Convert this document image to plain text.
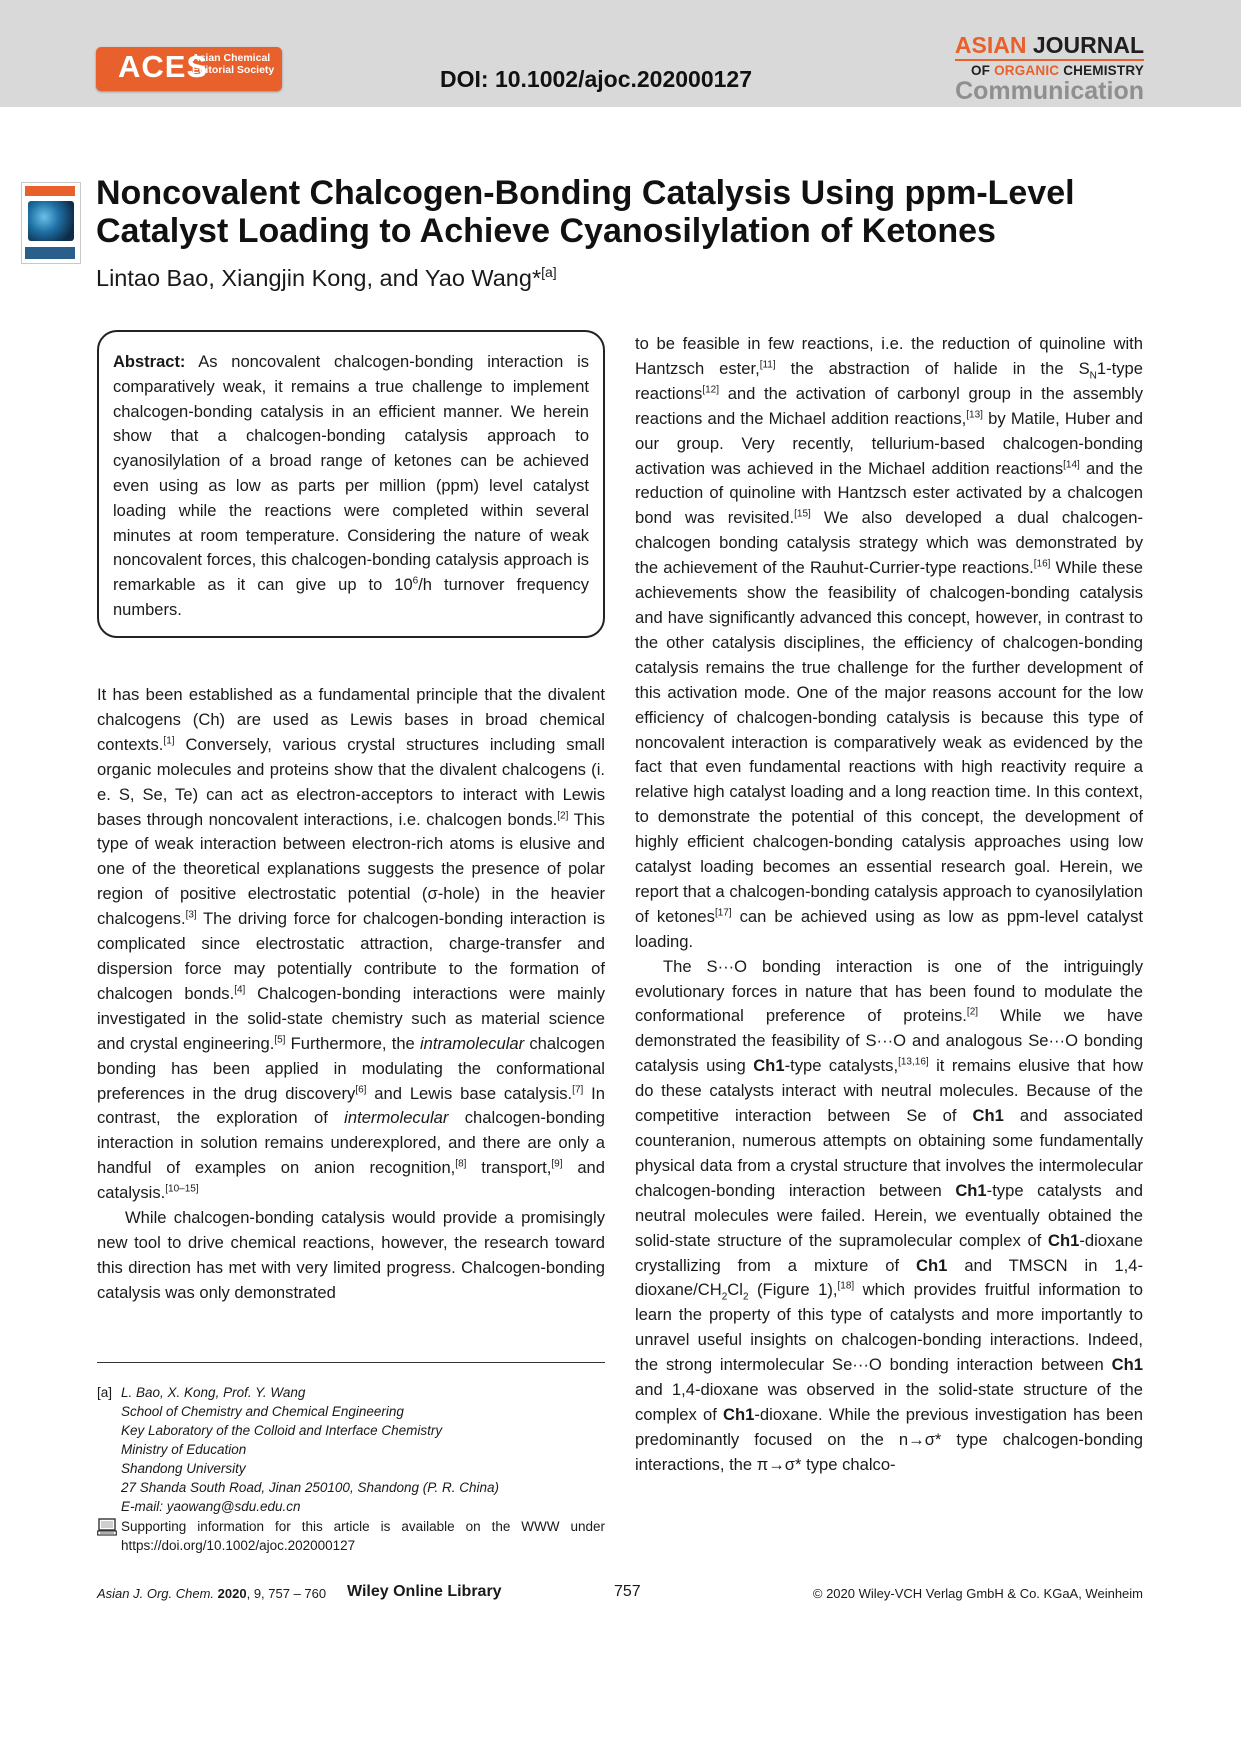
ACES
Asian Chemical
Editorial Society	DOI: 10.1002/ajoc.202000127
ASIAN JOURNAL
OF ORGANIC CHEMISTRY
Communication
Noncovalent Chalcogen-Bonding Catalysis Using ppm-Level Catalyst Loading to Achieve Cyanosilylation of Ketones
Lintao Bao, Xiangjin Kong, and Yao Wang*[a]
Abstract: As noncovalent chalcogen-bonding interaction is comparatively weak, it remains a true challenge to implement chalcogen-bonding catalysis in an efficient manner. We herein show that a chalcogen-bonding catalysis approach to cyanosilylation of a broad range of ketones can be achieved even using as low as parts per million (ppm) level catalyst loading while the reactions were completed within several minutes at room temperature. Considering the nature of weak noncovalent forces, this chalcogen-bonding catalysis approach is remarkable as it can give up to $10^6/h$ turnover frequency numbers.

It has been established as a fundamental principle that the divalent chalcogens (Ch) are used as Lewis bases in broad chemical contexts.[1] Conversely, various crystal structures including small organic molecules and proteins show that the divalent chalcogens (i. e. S, Se, Te) can act as electron-acceptors to interact with Lewis bases through noncovalent interactions, i.e. chalcogen bonds.[2] This type of weak interaction between electron-rich atoms is elusive and one of the theoretical explanations suggests the presence of polar region of positive electrostatic potential (σ-hole) in the heavier chalcogens.[3] The driving force for chalcogen-bonding interaction is complicated since electrostatic attraction, charge-transfer and dispersion force may potentially contribute to the formation of chalcogen bonds.[4] Chalcogen-bonding interactions were mainly investigated in the solid-state chemistry such as material science and crystal engineering.[5] Furthermore, the intramolecular chalcogen bonding has been applied in modulating the conformational preferences in the drug discovery[6] and Lewis base catalysis.[7] In contrast, the exploration of intermolecular chalcogen-bonding interaction in solution remains underexplored, and there are only a handful of examples on anion recognition,[8] transport,[9] and catalysis.[10–15]

While chalcogen-bonding catalysis would provide a promisingly new tool to drive chemical reactions, however, the research toward this direction has met with very limited progress. Chalcogen-bonding catalysis was only demonstrated

to be feasible in few reactions, i.e. the reduction of quinoline with Hantzsch ester,[11] the abstraction of halide in the $S_N1$-type reactions[12] and the activation of carbonyl group in the assembly reactions and the Michael addition reactions,[13] by Matile, Huber and our group. Very recently, tellurium-based chalcogen-bonding activation was achieved in the Michael addition reactions[14] and the reduction of quinoline with Hantzsch ester activated by a chalcogen bond was revisited.[15] We also developed a dual chalcogen-chalcogen bonding catalysis strategy which was demonstrated by the achievement of the Rauhut-Currier-type reactions.[16] While these achievements show the feasibility of chalcogen-bonding catalysis and have significantly advanced this concept, however, in contrast to the other catalysis disciplines, the efficiency of chalcogen-bonding catalysis remains the true challenge for the further development of this activation mode. One of the major reasons account for the low efficiency of chalcogen-bonding catalysis is because this type of noncovalent interaction is comparatively weak as evidenced by the fact that even fundamental reactions with high reactivity require a relative high catalyst loading and a long reaction time. In this context, to demonstrate the potential of this concept, the development of highly efficient chalcogen-bonding catalysis approaches using low catalyst loading becomes an essential research goal. Herein, we report that a chalcogen-bonding catalysis approach to cyanosilylation of ketones[17] can be achieved using as low as ppm-level catalyst loading.

The S···O bonding interaction is one of the intriguingly evolutionary forces in nature that has been found to modulate the conformational preference of proteins.[2] While we have demonstrated the feasibility of S···O and analogous Se···O bonding catalysis using Ch1-type catalysts,[13,16] it remains elusive that how do these catalysts interact with neutral molecules. Because of the competitive interaction between Se of Ch1 and associated counteranion, numerous attempts on obtaining some fundamentally physical data from a crystal structure that involves the intermolecular chalcogen-bonding interaction between Ch1-type catalysts and neutral molecules were failed. Herein, we eventually obtained the solid-state structure of the supramolecular complex of Ch1-dioxane crystallizing from a mixture of Ch1 and TMSCN in $1,4-dioxane/CH_2Cl_2$ (Figure 1),[18] which provides fruitful information to learn the property of this type of catalysts and more importantly to unravel useful insights on chalcogen-bonding interactions. Indeed, the strong intermolecular Se···O bonding interaction between Ch1 and 1,4-dioxane was observed in the solid-state structure of the complex of Ch1-dioxane. While the previous investigation has been predominantly focused on the n→σ* type chalcogen-bonding interactions, the π→σ* type chalco-

[a] L. Bao, X. Kong, Prof. Y. Wang
School of Chemistry and Chemical Engineering
Key Laboratory of the Colloid and Interface Chemistry
Ministry of Education
Shandong University
27 Shanda South Road, Jinan 250100, Shandong (P. R. China)
E-mail: yaowang@sdu.edu.cn
Supporting information for this article is available on the WWW under https://doi.org/10.1002/ajoc.202000127
Asian J. Org. Chem. 2020, 9, 757 – 760 Wiley Online Library	757	© 2020 Wiley-VCH Verlag GmbH & Co. KGaA, Weinheim
